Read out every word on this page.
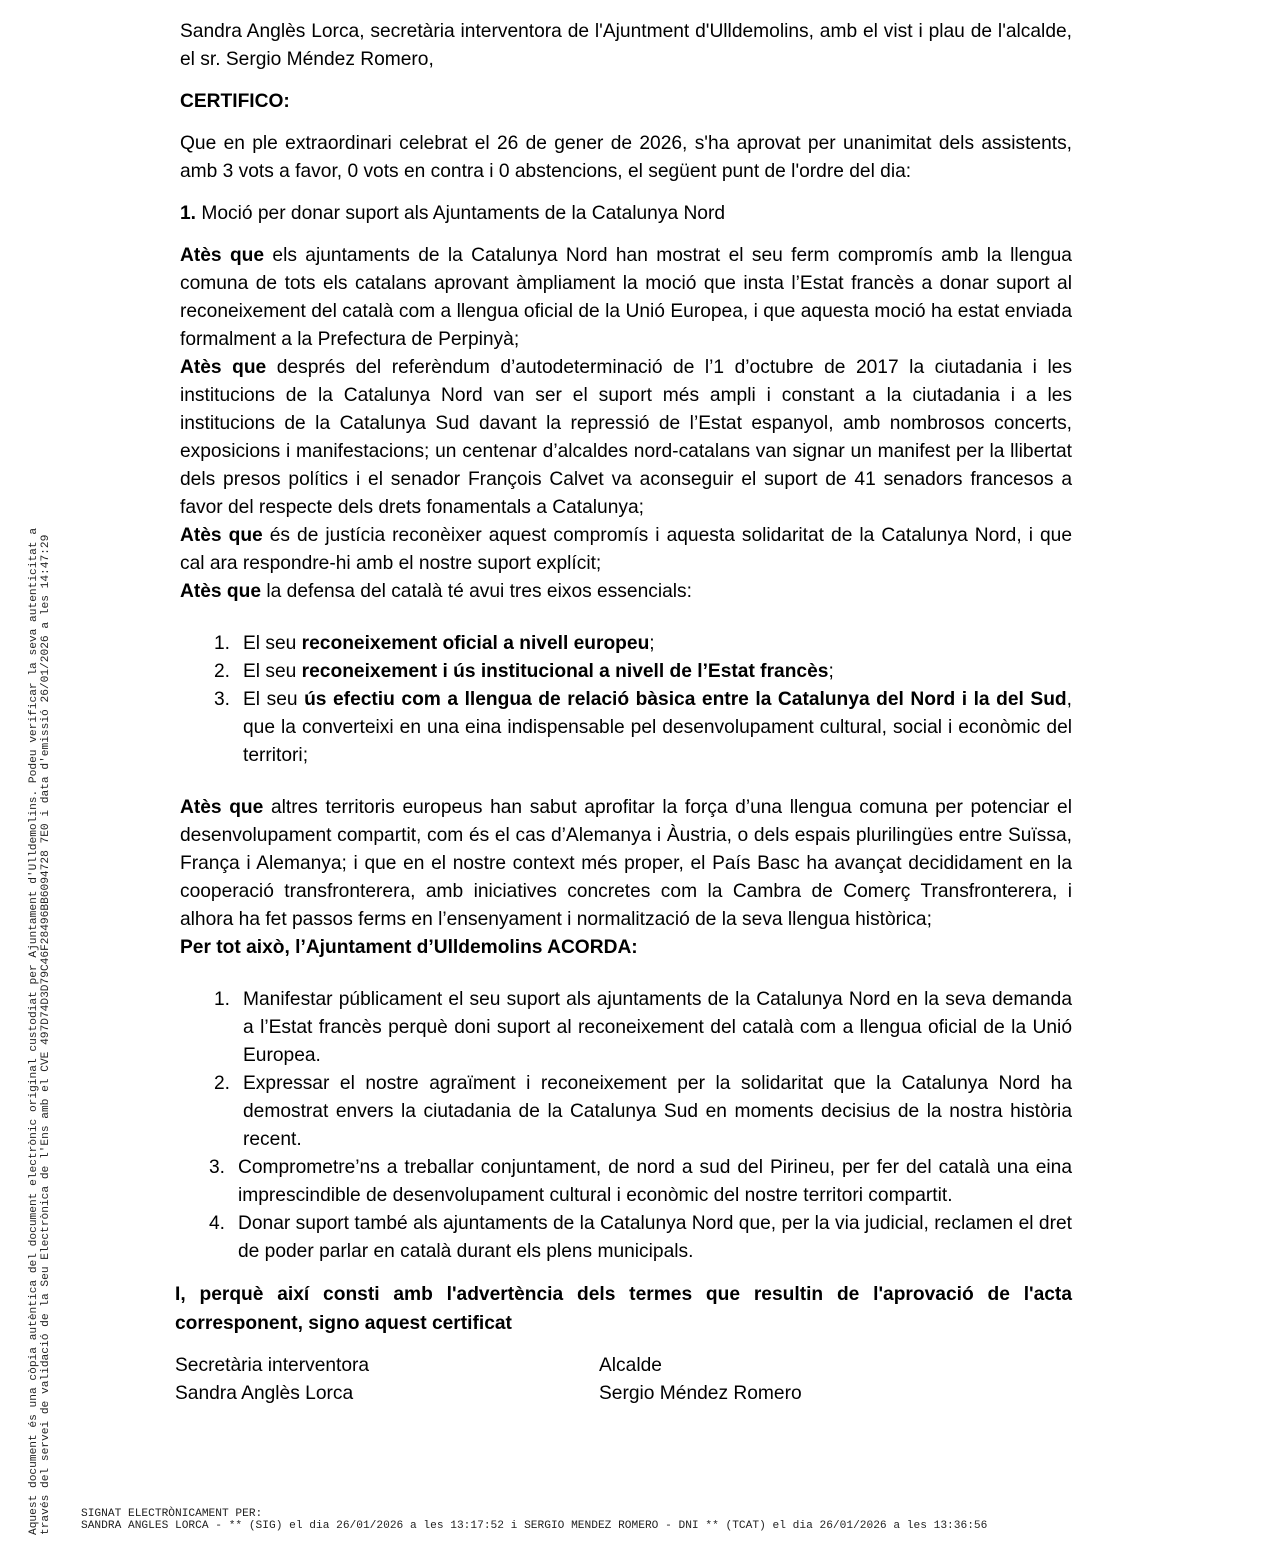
Aquest document és una còpia autèntica del document electrònic original custodiat per Ajuntament d'Ulldemolins. Podeu verificar la seva autenticitat a través del servei de validació de la Seu Electrònica de l'Ens amb el CVE 497D74D3D79C46F28496BB6094728 7E0 i data d'emissió 26/01/2026 a les 14:47:29

Sandra Anglès Lorca, secretària interventora de l'Ajuntment d'Ulldemolins, amb el vist i plau de l'alcalde, el sr. Sergio Méndez Romero,

CERTIFICO:

Que en ple extraordinari celebrat el 26 de gener de 2026, s'ha aprovat per unanimitat dels assistents, amb 3 vots a favor, 0 vots en contra i 0 abstencions, el següent punt de l'ordre del dia:

1. Moció per donar suport als Ajuntaments de la Catalunya Nord

Atès que els ajuntaments de la Catalunya Nord han mostrat el seu ferm compromís amb la llengua comuna de tots els catalans aprovant àmpliament la moció que insta l’Estat francès a donar suport al reconeixement del català com a llengua oficial de la Unió Europea, i que aquesta moció ha estat enviada formalment a la Prefectura de Perpinyà;

Atès que després del referèndum d’autodeterminació de l’1 d’octubre de 2017 la ciutadania i les institucions de la Catalunya Nord van ser el suport més ampli i constant a la ciutadania i a les institucions de la Catalunya Sud davant la repressió de l’Estat espanyol, amb nombrosos concerts, exposicions i manifestacions; un centenar d’alcaldes nord-catalans van signar un manifest per la llibertat dels presos polítics i el senador François Calvet va aconseguir el suport de 41 senadors francesos a favor del respecte dels drets fonamentals a Catalunya;

Atès que és de justícia reconèixer aquest compromís i aquesta solidaritat de la Catalunya Nord, i que cal ara respondre-hi amb el nostre suport explícit;

Atès que la defensa del català té avui tres eixos essencials:

1. El seu reconeixement oficial a nivell europeu;
2. El seu reconeixement i ús institucional a nivell de l’Estat francès;
3. El seu ús efectiu com a llengua de relació bàsica entre la Catalunya del Nord i la del Sud, que la converteixi en una eina indispensable pel desenvolupament cultural, social i econòmic del territori;

Atès que altres territoris europeus han sabut aprofitar la força d’una llengua comuna per potenciar el desenvolupament compartit, com és el cas d’Alemanya i Àustria, o dels espais plurilingües entre Suïssa, França i Alemanya; i que en el nostre context més proper, el País Basc ha avançat decididament en la cooperació transfronterera, amb iniciatives concretes com la Cambra de Comerç Transfronterera, i alhora ha fet passos ferms en l’ensenyament i normalització de la seva llengua històrica;

Per tot això, l’Ajuntament d’Ulldemolins ACORDA:

1. Manifestar públicament el seu suport als ajuntaments de la Catalunya Nord en la seva demanda a l’Estat francès perquè doni suport al reconeixement del català com a llengua oficial de la Unió Europea.
2. Expressar el nostre agraïment i reconeixement per la solidaritat que la Catalunya Nord ha demostrat envers la ciutadania de la Catalunya Sud en moments decisius de la nostra història recent.
3. Comprometre’ns a treballar conjuntament, de nord a sud del Pirineu, per fer del català una eina imprescindible de desenvolupament cultural i econòmic del nostre territori compartit.
4. Donar suport també als ajuntaments de la Catalunya Nord que, per la via judicial, reclamen el dret de poder parlar en català durant els plens municipals.

I, perquè així consti amb l'advertència dels termes que resultin de l'aprovació de l'acta corresponent, signo aquest certificat

Secretària interventora	Alcalde
Sandra Anglès Lorca	Sergio Méndez Romero
SIGNAT ELECTRÒNICAMENT PER:
SANDRA ANGLES LORCA - ** (SIG) el dia 26/01/2026 a les 13:17:52 i SERGIO MENDEZ ROMERO - DNI ** (TCAT) el dia 26/01/2026 a les 13:36:56
